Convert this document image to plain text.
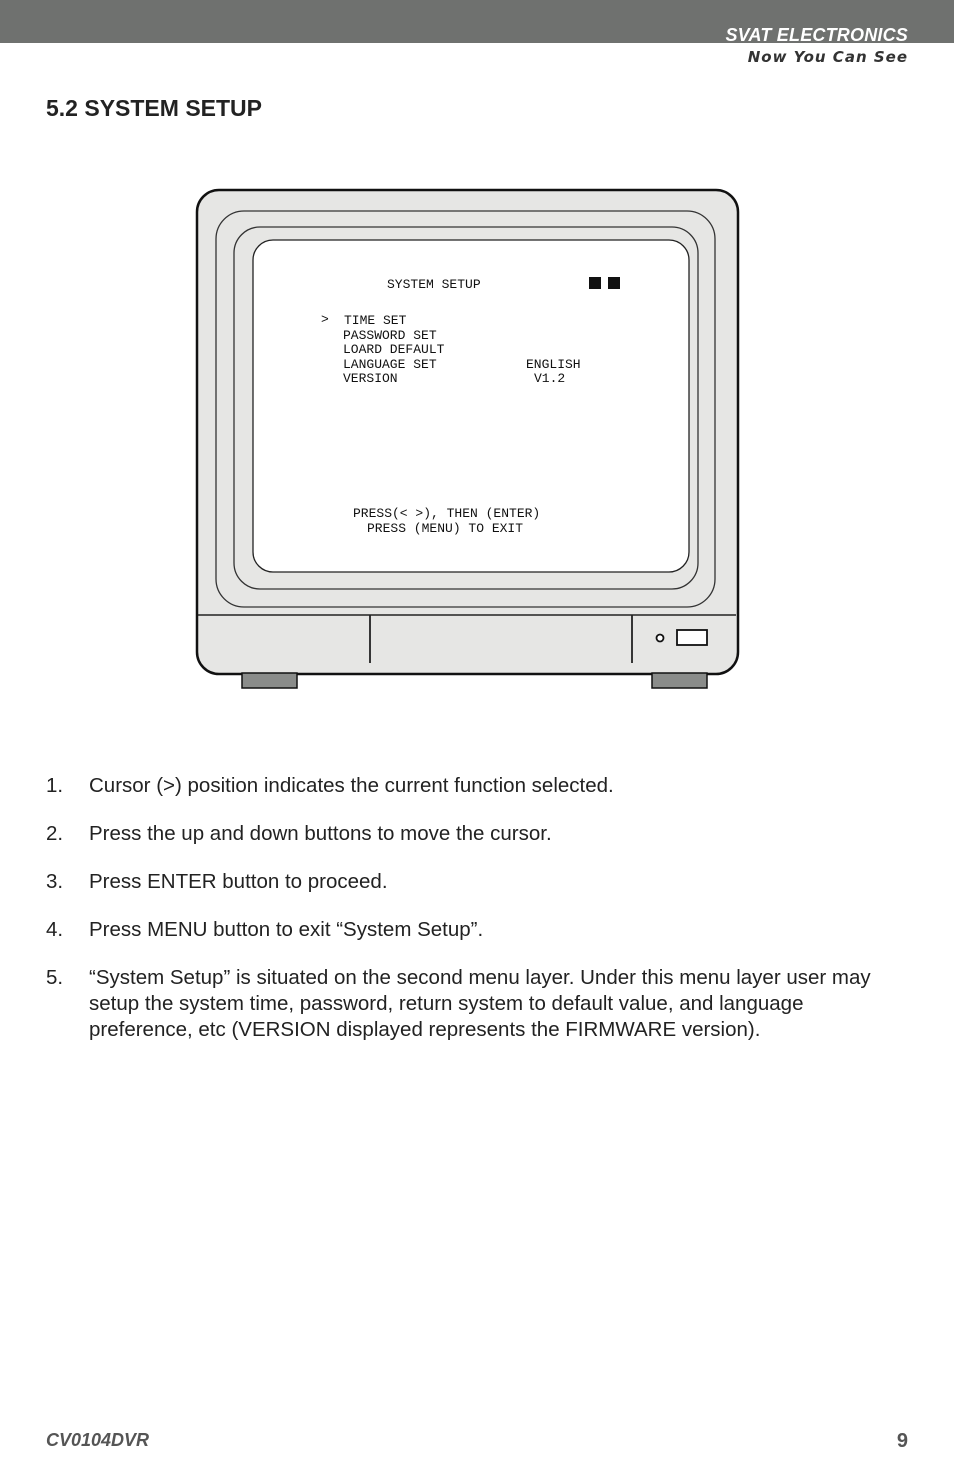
SVAT ELECTRONICS
Now You Can See
5.2 SYSTEM SETUP
SYSTEM SETUP
> TIME SET
PASSWORD SET
LOARD DEFAULT
LANGUAGE SET	ENGLISH
VERSION	V1.2
PRESS(< >), THEN (ENTER)
PRESS (MENU) TO EXIT
1. Cursor (>) position indicates the current function selected.
2. Press the up and down buttons to move the cursor.
3. Press ENTER button to proceed.
4. Press MENU button to exit “System Setup”.
5. “System Setup” is situated on the second menu layer. Under this menu layer user may setup the system time, password, return system to default value, and language preference, etc (VERSION displayed represents the FIRMWARE version).
CV0104DVR	9
